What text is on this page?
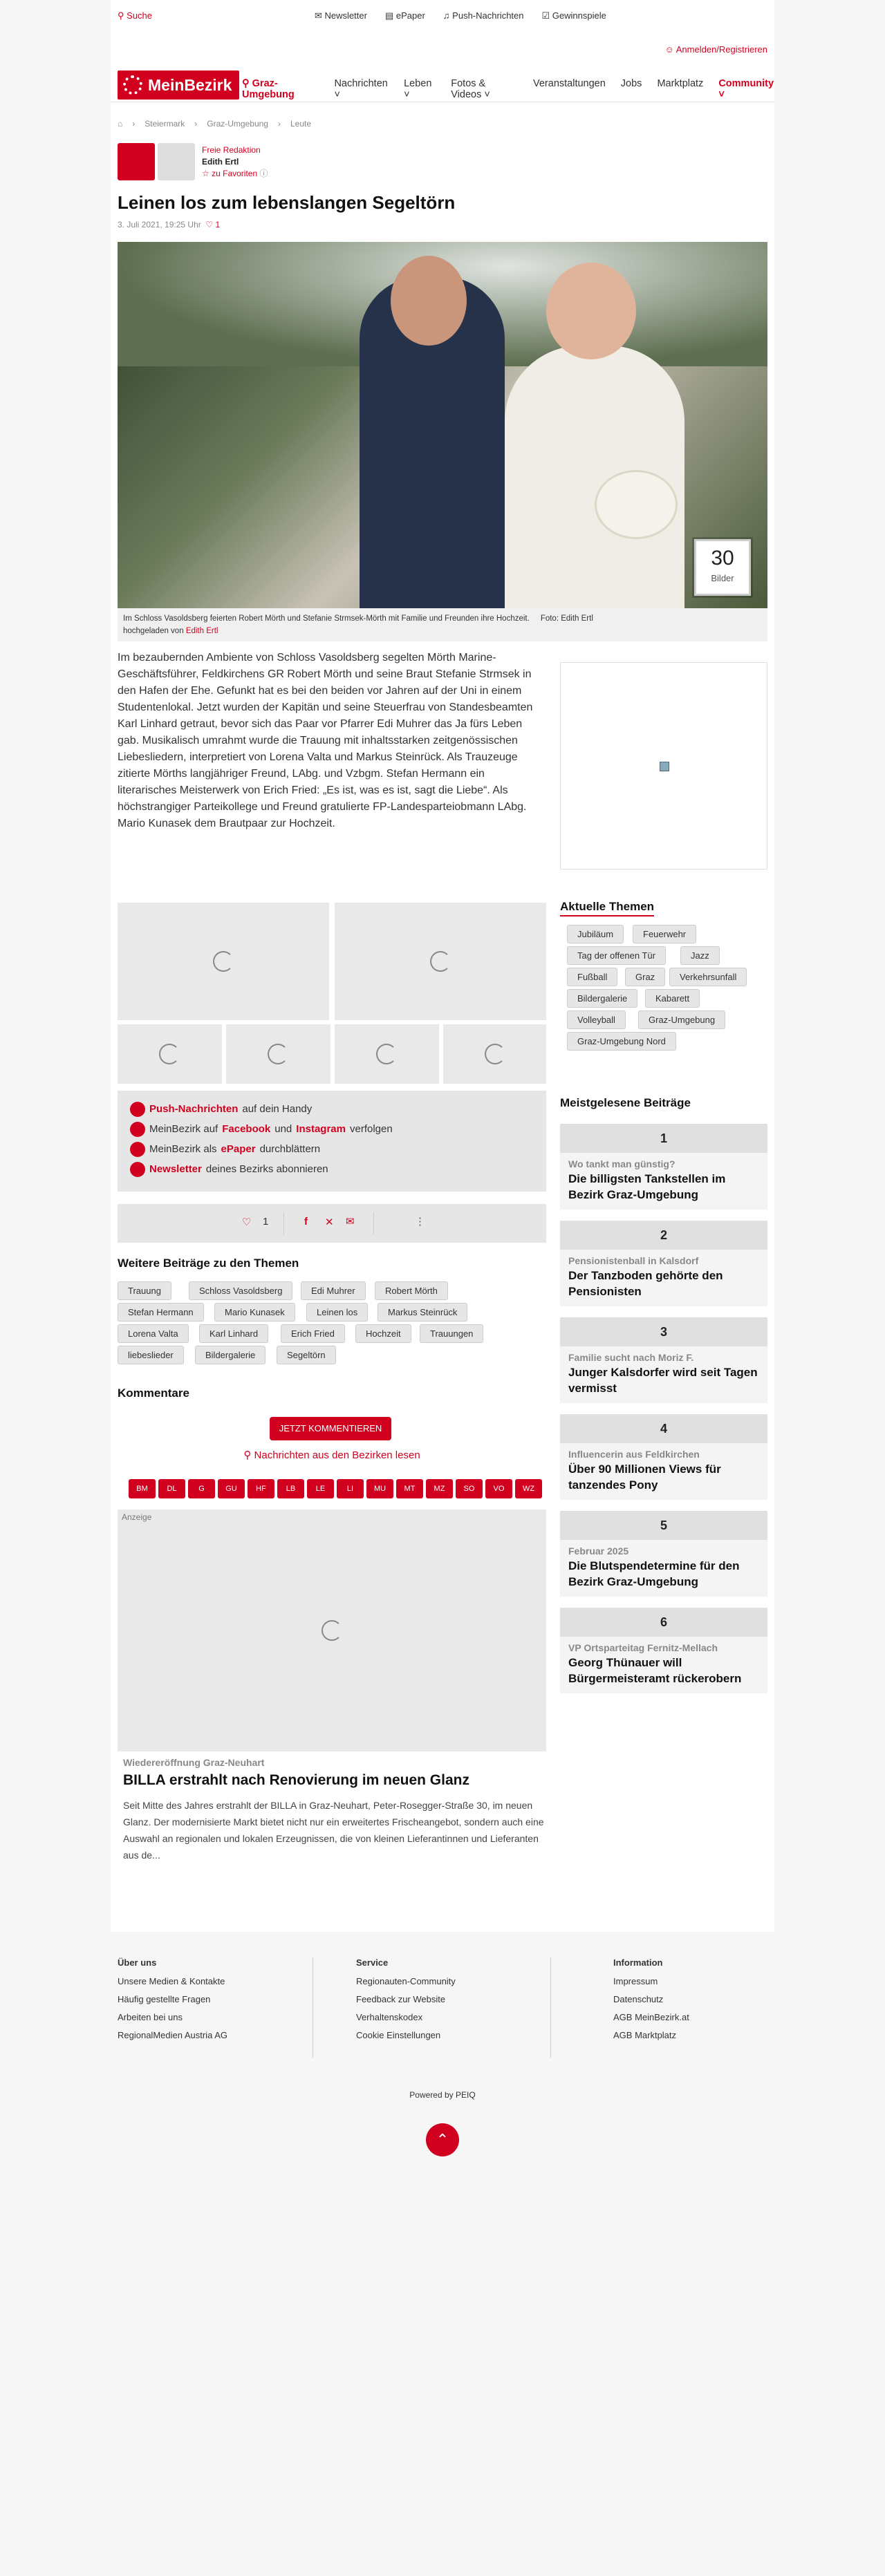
⚲ Suche	✉ Newsletter ▤ ePaper ♫ Push-Nachrichten ☑ Gewinnspiele
☺ Anmelden/Registrieren
MeinBezirk	⚲ Graz-Umgebung
Nachrichten ˅
Leben ˅
Fotos & Videos ˅
Veranstaltungen Jobs Marktplatz Community ˅
⌂ › Steiermark › Graz-Umgebung › Leute
Freie Redaktion
Edith Ertl
☆ zu Favoriten ⓘ
Leinen los zum lebenslangen Segeltörn
3. Juli 2021, 19:25 Uhr ♡ 1
30
Bilder
Im Schloss Vasoldsberg feierten Robert Mörth und Stefanie Strmsek-Mörth mit Familie und Freunden ihre Hochzeit. Foto: Edith Ertl
hochgeladen von Edith Ertl

Im bezaubernden Ambiente von Schloss Vasoldsberg segelten Mörth Marine-Geschäftsführer, Feldkirchens GR Robert Mörth und seine Braut Stefanie Strmsek in den Hafen der Ehe. Gefunkt hat es bei den beiden vor Jahren auf der Uni in einem Studentenlokal. Jetzt wurden der Kapitän und seine Steuerfrau von Standesbeamten Karl Linhard getraut, bevor sich das Paar vor Pfarrer Edi Muhrer das Ja fürs Leben gab. Musikalisch umrahmt wurde die Trauung mit inhaltsstarken zeitgenössischen Liebesliedern, interpretiert von Lorena Valta und Markus Steinrück. Als Trauzeuge zitierte Mörths langjähriger Freund, LAbg. und Vzbgm. Stefan Hermann ein literarisches Meisterwerk von Erich Fried: „Es ist, was es ist, sagt die Liebe“. Als höchstrangiger Parteikollege und Freund gratulierte FP-Landesparteiobmann LAbg. Mario Kunasek dem Brautpaar zur Hochzeit.

Push-Nachrichten auf dein Handy
MeinBezirk auf Facebook und Instagram verfolgen
MeinBezirk als ePaper durchblättern
Newsletter deines Bezirks abonnieren
♡ 1	f ✕ ✉	⋮
Weitere Beiträge zu den Themen
Kommentare
JETZT KOMMENTIEREN
⚲ Nachrichten aus den Bezirken lesen
Anzeige
Wiedereröffnung Graz-Neuhart
BILLA erstrahlt nach Renovierung im neuen Glanz

Seit Mitte des Jahres erstrahlt der BILLA in Graz-Neuhart, Peter-Rosegger-Straße 30, im neuen Glanz. Der modernisierte Markt bietet nicht nur ein erweitertes Frischeangebot, sondern auch eine Auswahl an regionalen und lokalen Erzeugnissen, die von kleinen Lieferantinnen und Lieferanten aus de...

Aktuelle Themen
Meistgelesene Beiträge
Trauung	Schloss Vasoldsberg	Edi Muhrer	Robert Mörth
Stefan Hermann	Mario Kunasek	Leinen los	Markus Steinrück
Lorena Valta	Karl Linhard	Erich Fried	Hochzeit	Trauungen
liebeslieder	Bildergalerie	Segeltörn
BM	DL	G	GU	HF	LB	LE	LI	MU	MT	MZ	SO	VO	WZ
Jubiläum	Feuerwehr
Tag der offenen Tür	Jazz
Fußball	Graz	Verkehrsunfall
Bildergalerie	Kabarett
Volleyball	Graz-Umgebung
Graz-Umgebung Nord
1
Wo tankt man günstig?
Die billigsten Tankstellen im Bezirk Graz-Umgebung
2
Pensionistenball in Kalsdorf
Der Tanzboden gehörte den Pensionisten
3
Familie sucht nach Moriz F.
Junger Kalsdorfer wird seit Tagen vermisst
4
Influencerin aus Feldkirchen
Über 90 Millionen Views für tanzendes Pony
5
Februar 2025
Die Blutspendetermine für den Bezirk Graz-Umgebung
6
VP Ortsparteitag Fernitz-Mellach
Georg Thünauer will Bürgermeisteramt rückerobern
Über uns
Unsere Medien & Kontakte
Häufig gestellte Fragen
Arbeiten bei uns
RegionalMedien Austria AG
Service
Regionauten-Community
Feedback zur Website
Verhaltenskodex
Cookie Einstellungen
Information
Impressum
Datenschutz
AGB MeinBezirk.at
AGB Marktplatz
Powered by PEIQ
⌃
